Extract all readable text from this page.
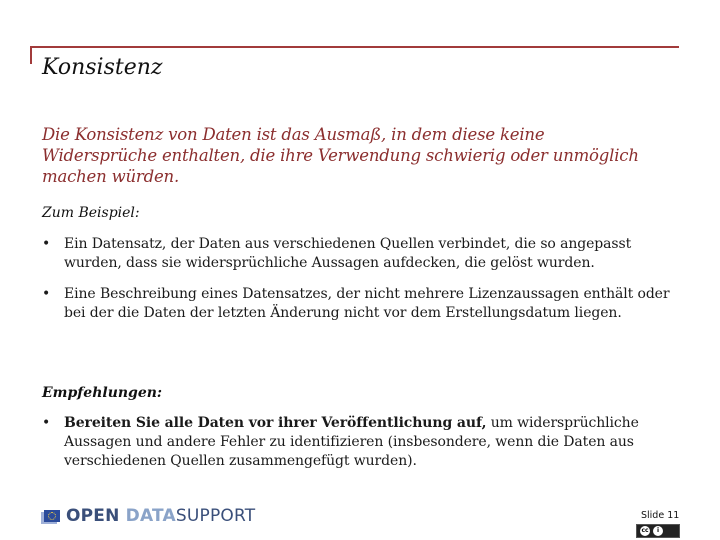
Konsistenz
Die Konsistenz von Daten ist das Ausmaß, in dem diese keine Widersprüche enthalten, die ihre Verwendung schwierig oder unmöglich machen würden.
Zum Beispiel:
• Ein Datensatz, der Daten aus verschiedenen Quellen verbindet, die so angepasst wurden, dass sie widersprüchliche Aussagen aufdecken, die gelöst wurden.
• Eine Beschreibung eines Datensatzes, der nicht mehrere Lizenzaussagen enthält oder bei der die Daten der letzten Änderung nicht vor dem Erstellungsdatum liegen.
Empfehlungen:
• Bereiten Sie alle Daten vor ihrer Veröffentlichung auf, um widersprüchliche Aussagen und andere Fehler zu identifizieren (insbesondere, wenn die Daten aus verschiedenen Quellen zusammengefügt wurden).
OPEN DATASUPPORT	Slide 11
cc	i
